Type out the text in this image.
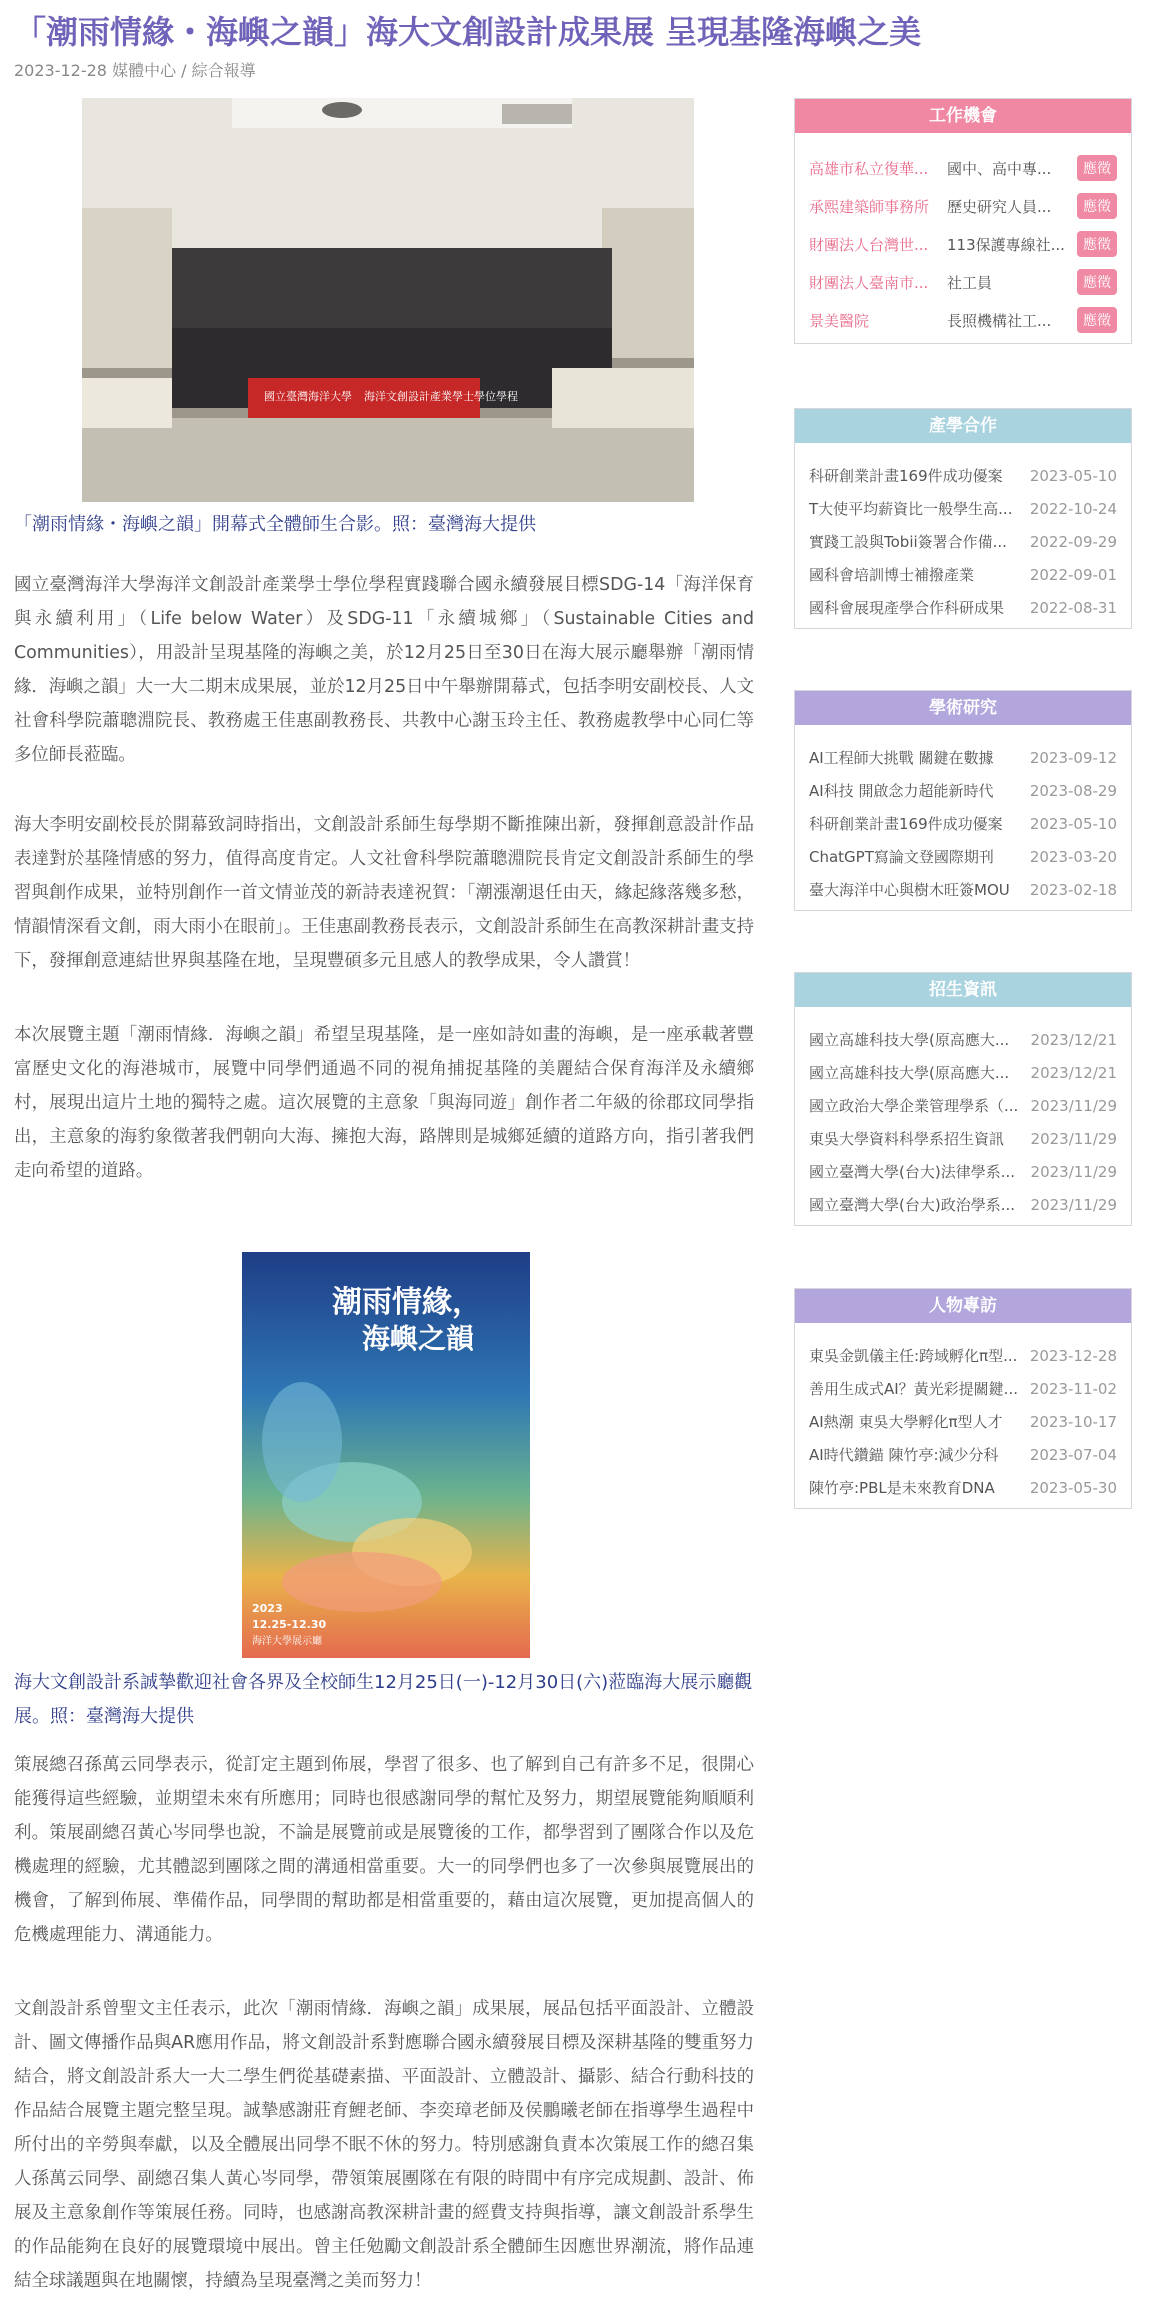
「潮雨情緣・海嶼之韻」海大文創設計成果展 呈現基隆海嶼之美
2023-12-28 媒體中心 / 綜合報導
國立臺灣海洋大學 海洋文創設計產業學士學位學程
「潮雨情緣・海嶼之韻」開幕式全體師生合影。照：臺灣海大提供
國立臺灣海洋大學海洋文創設計產業學士學位學程實踐聯合國永續發展目標SDG-14「海洋保育與永續利用」（Life below Water）及SDG-11「永續城鄉」（Sustainable Cities and Communities），用設計呈現基隆的海嶼之美，於12月25日至30日在海大展示廳舉辦「潮雨情緣．海嶼之韻」大一大二期末成果展，並於12月25日中午舉辦開幕式，包括李明安副校長、人文社會科學院蕭聰淵院長、教務處王佳惠副教務長、共教中心謝玉玲主任、教務處教學中心同仁等多位師長蒞臨。
海大李明安副校長於開幕致詞時指出，文創設計系師生每學期不斷推陳出新，發揮創意設計作品表達對於基隆情感的努力，值得高度肯定。人文社會科學院蕭聰淵院長肯定文創設計系師生的學習與創作成果，並特別創作一首文情並茂的新詩表達祝賀：「潮漲潮退任由天，緣起緣落幾多愁，情韻情深看文創，雨大雨小在眼前」。王佳惠副教務長表示，文創設計系師生在高教深耕計畫支持下，發揮創意連結世界與基隆在地，呈現豐碩多元且感人的教學成果，令人讚賞！
本次展覽主題「潮雨情緣．海嶼之韻」希望呈現基隆，是一座如詩如畫的海嶼，是一座承載著豐富歷史文化的海港城市，展覽中同學們通過不同的視角捕捉基隆的美麗結合保育海洋及永續鄉村，展現出這片土地的獨特之處。這次展覽的主意象「與海同遊」創作者二年級的徐郡玟同學指出，主意象的海豹象徵著我們朝向大海、擁抱大海，路牌則是城鄉延續的道路方向，指引著我們走向希望的道路。
潮雨情緣，
海嶼之韻
2023
12.25-12.30
海洋大學展示廳
海大文創設計系誠摯歡迎社會各界及全校師生12月25日(一)-12月30日(六)蒞臨海大展示廳觀展。照：臺灣海大提供
策展總召孫萬云同學表示，從訂定主題到佈展，學習了很多、也了解到自己有許多不足，很開心能獲得這些經驗，並期望未來有所應用；同時也很感謝同學的幫忙及努力，期望展覽能夠順順利利。策展副總召黃心岑同學也說，不論是展覽前或是展覽後的工作，都學習到了團隊合作以及危機處理的經驗，尤其體認到團隊之間的溝通相當重要。大一的同學們也多了一次參與展覽展出的機會，了解到佈展、準備作品，同學間的幫助都是相當重要的，藉由這次展覽，更加提高個人的危機處理能力、溝通能力。
文創設計系曾聖文主任表示，此次「潮雨情緣．海嶼之韻」成果展，展品包括平面設計、立體設計、圖文傳播作品與AR應用作品，將文創設計系對應聯合國永續發展目標及深耕基隆的雙重努力結合，將文創設計系大一大二學生們從基礎素描、平面設計、立體設計、攝影、結合行動科技的作品結合展覽主題完整呈現。誠摯感謝莊育鯉老師、李奕璋老師及侯鵬曦老師在指導學生過程中所付出的辛勞與奉獻，以及全體展出同學不眠不休的努力。特別感謝負責本次策展工作的總召集人孫萬云同學、副總召集人黃心岑同學，帶領策展團隊在有限的時間中有序完成規劃、設計、佈展及主意象創作等策展任務。同時，也感謝高教深耕計畫的經費支持與指導，讓文創設計系學生的作品能夠在良好的展覽環境中展出。曾主任勉勵文創設計系全體師生因應世界潮流，將作品連結全球議題與在地關懷，持續為呈現臺灣之美而努力！
工作機會
高雄市私立復華...	國中、高中專...	應徵
承熙建築師事務所	歷史研究人員...	應徵
財團法人台灣世...	113保護專線社...	應徵
財團法人臺南市...	社工員	應徵
景美醫院	長照機構社工...	應徵
產學合作
科研創業計畫169件成功優案	2023-05-10
T大使平均薪資比一般學生高...	2022-10-24
實踐工設與Tobii簽署合作備...	2022-09-29
國科會培訓博士補撥產業	2022-09-01
國科會展現產學合作科研成果	2022-08-31
學術研究
AI工程師大挑戰 關鍵在數據	2023-09-12
AI科技 開啟念力超能新時代	2023-08-29
科研創業計畫169件成功優案	2023-05-10
ChatGPT寫論文登國際期刊	2023-03-20
臺大海洋中心與樹木旺簽MOU	2023-02-18
招生資訊
國立高雄科技大學(原高應大...	2023/12/21
國立高雄科技大學(原高應大...	2023/12/21
國立政治大學企業管理學系（... 2023/11/29
東吳大學資料科學系招生資訊	2023/11/29
國立臺灣大學(台大)法律學系...	2023/11/29
國立臺灣大學(台大)政治學系...	2023/11/29
人物專訪
東吳金凱儀主任:跨域孵化π型... 2023-12-28
善用生成式AI？黃光彩提關鍵... 2023-11-02
AI熱潮 東吳大學孵化π型人才	2023-10-17
AI時代鑽錨 陳竹亭:減少分科	2023-07-04
陳竹亭:PBL是未來教育DNA	2023-05-30
